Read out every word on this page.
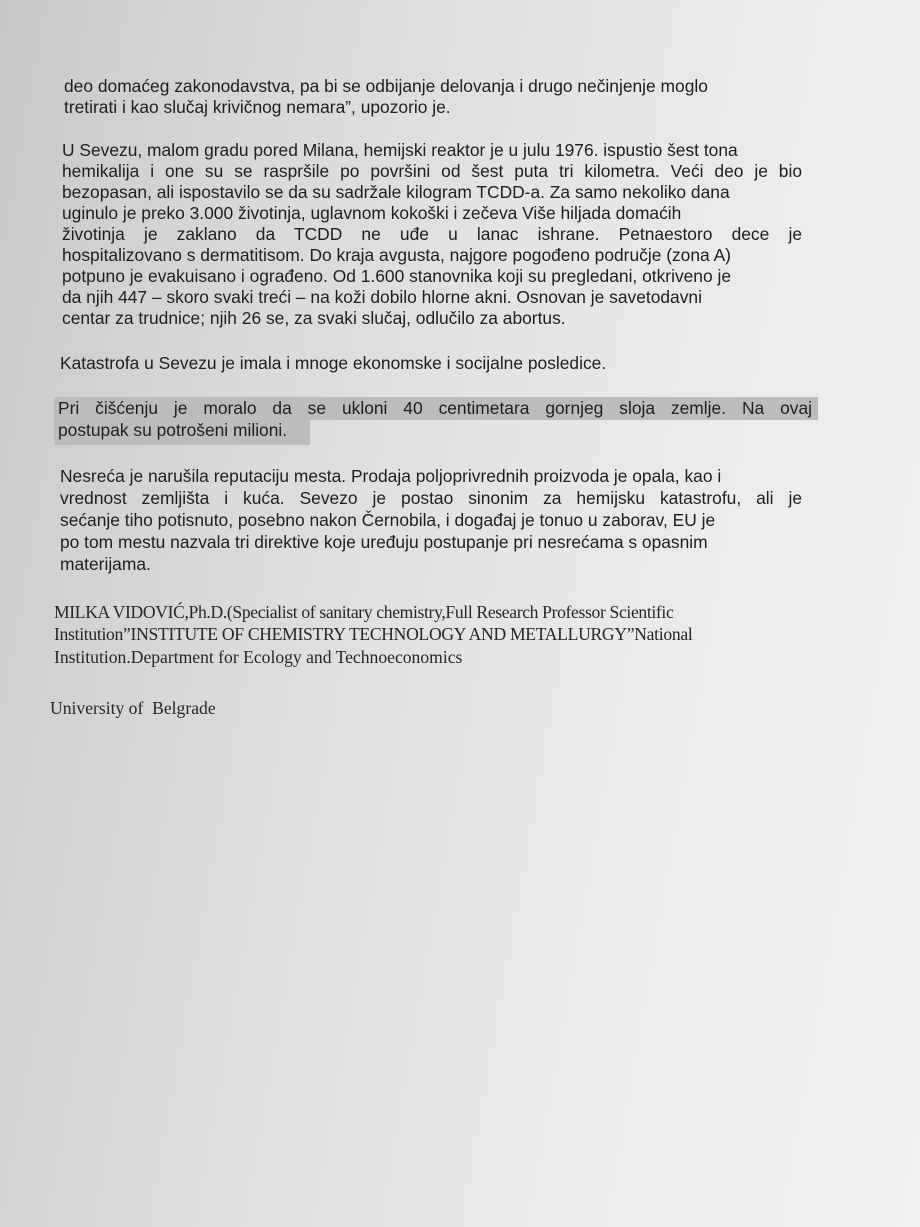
deo domaćeg zakonodavstva, pa bi se odbijanje delovanja i drugo nečinjenje moglo
tretirati i kao slučaj krivičnog nemara”, upozorio je.
U Sevezu, malom gradu pored Milana, hemijski reaktor je u julu 1976. ispustio šest tona
hemikalija i one su se raspršile po površini od šest puta tri kilometra. Veći deo je bio
bezopasan, ali ispostavilo se da su sadržale kilogram TCDD-a. Za samo nekoliko dana
uginulo je preko 3.000 životinja, uglavnom kokoški i zečeva Više hiljada domaćih
životinja je zaklano da TCDD ne uđe u lanac ishrane. Petnaestoro dece je
hospitalizovano s dermatitisom. Do kraja avgusta, najgore pogođeno područje (zona A)
potpuno je evakuisano i ograđeno. Od 1.600 stanovnika koji su pregledani, otkriveno je
da njih 447 – skoro svaki treći – na koži dobilo hlorne akni. Osnovan je savetodavni
centar za trudnice; njih 26 se, za svaki slučaj, odlučilo za abortus.
Katastrofa u Sevezu je imala i mnoge ekonomske i socijalne posledice.
Pri čišćenju je moralo da se ukloni 40 centimetara gornjeg sloja zemlje. Na ovaj
postupak su potrošeni milioni.
Nesreća je narušila reputaciju mesta. Prodaja poljoprivrednih proizvoda je opala, kao i
vrednost zemljišta i kuća. Sevezo je postao sinonim za hemijsku katastrofu, ali je
sećanje tiho potisnuto, posebno nakon Černobila, i događaj je tonuo u zaborav, EU je
po tom mestu nazvala tri direktive koje uređuju postupanje pri nesrećama s opasnim
materijama.
MILKA VIDOVIĆ,Ph.D.(Specialist of sanitary chemistry,Full Research Professor Scientific
Institution”INSTITUTE OF CHEMISTRY TECHNOLOGY AND METALLURGY”National
Institution.Department for Ecology and Technoeconomics
University of  Belgrade
